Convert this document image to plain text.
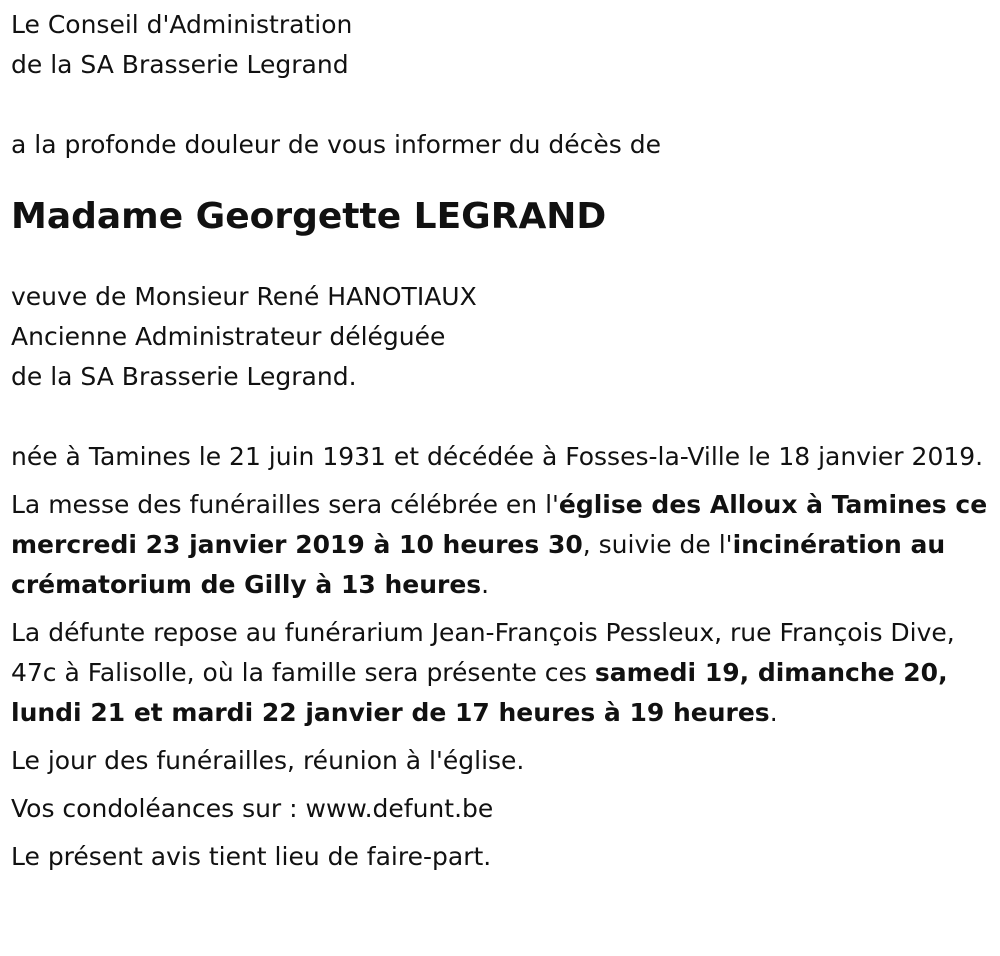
Le Conseil d'Administration

de la SA Brasserie Legrand

a la profonde douleur de vous informer du décès de

Madame Georgette LEGRAND

veuve de Monsieur René HANOTIAUX

Ancienne Administrateur déléguée

de la SA Brasserie Legrand.

née à Tamines le 21 juin 1931 et décédée à Fosses-la-Ville le 18 janvier 2019.

La messe des funérailles sera célébrée en l'église des Alloux à Tamines ce mercredi 23 janvier 2019 à 10 heures 30, suivie de l'incinération au crématorium de Gilly à 13 heures.

La défunte repose au funérarium Jean-François Pessleux, rue François Dive, 47c à Falisolle, où la famille sera présente ces samedi 19, dimanche 20, lundi 21 et mardi 22 janvier de 17 heures à 19 heures.

Le jour des funérailles, réunion à l'église.

Vos condoléances sur : www.defunt.be

Le présent avis tient lieu de faire-part.
